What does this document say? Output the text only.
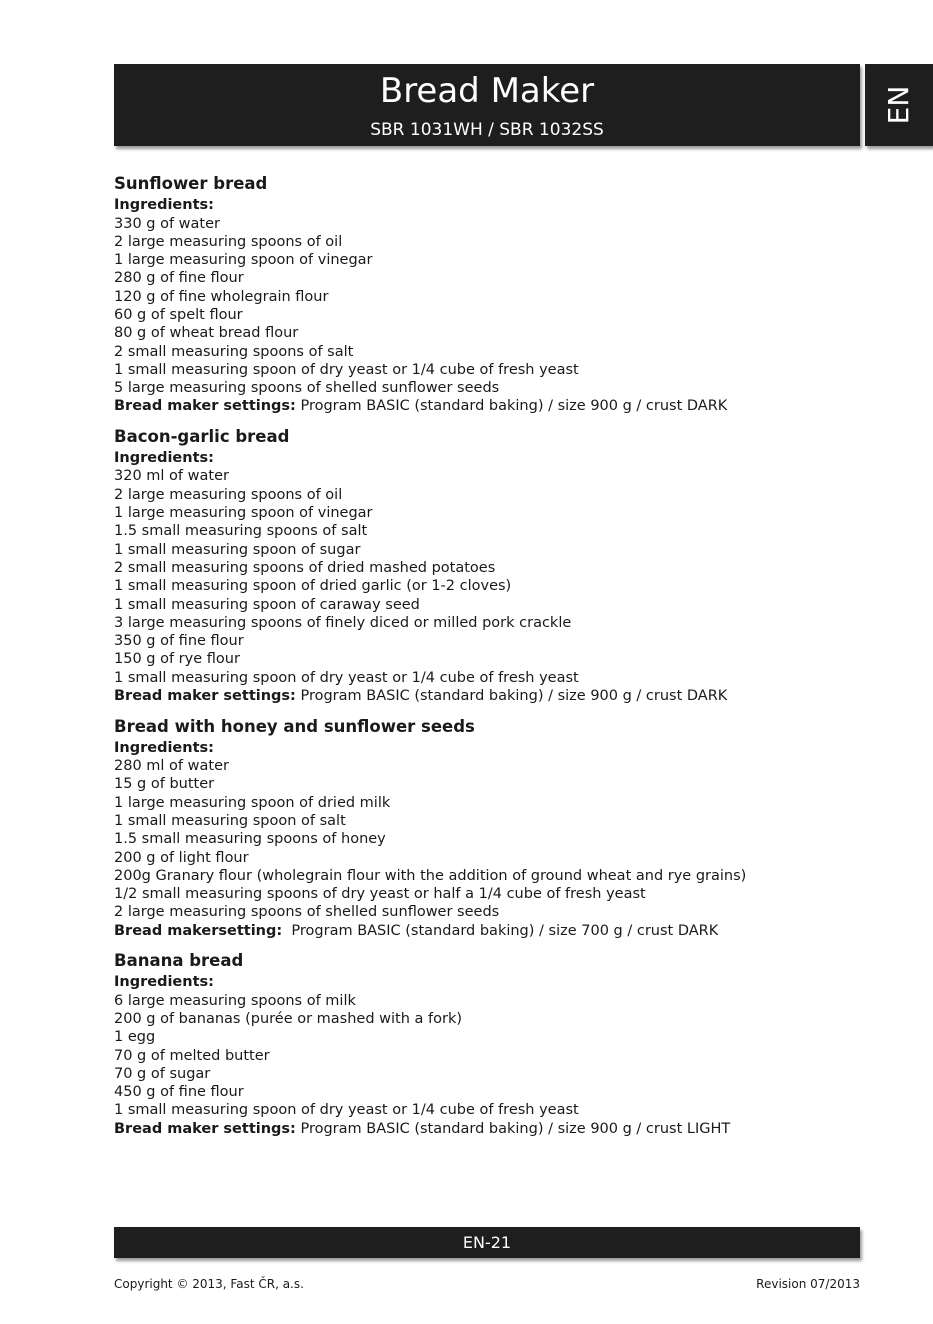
Bread Maker
SBR 1031WH / SBR 1032SS
EN
Sunflower bread
Ingredients:
330 g of water
2 large measuring spoons of oil
1 large measuring spoon of vinegar
280 g of fine flour
120 g of fine wholegrain flour
60 g of spelt flour
80 g of wheat bread flour
2 small measuring spoons of salt
1 small measuring spoon of dry yeast or 1/4 cube of fresh yeast
5 large measuring spoons of shelled sunflower seeds
Bread maker settings: Program BASIC (standard baking) / size 900 g / crust DARK
Bacon-garlic bread
Ingredients:
320 ml of water
2 large measuring spoons of oil
1 large measuring spoon of vinegar
1.5 small measuring spoons of salt
1 small measuring spoon of sugar
2 small measuring spoons of dried mashed potatoes
1 small measuring spoon of dried garlic (or 1-2 cloves)
1 small measuring spoon of caraway seed
3 large measuring spoons of finely diced or milled pork crackle
350 g of fine flour
150 g of rye flour
1 small measuring spoon of dry yeast or 1/4 cube of fresh yeast
Bread maker settings: Program BASIC (standard baking) / size 900 g / crust DARK
Bread with honey and sunflower seeds
Ingredients:
280 ml of water
15 g of butter
1 large measuring spoon of dried milk
1 small measuring spoon of salt
1.5 small measuring spoons of honey
200 g of light flour
200g Granary flour (wholegrain flour with the addition of ground wheat and rye grains)
1/2 small measuring spoons of dry yeast or half a 1/4 cube of fresh yeast
2 large measuring spoons of shelled sunflower seeds
Bread makersetting:  Program BASIC (standard baking) / size 700 g / crust DARK
Banana bread
Ingredients:
6 large measuring spoons of milk
200 g of bananas (purée or mashed with a fork)
1 egg
70 g of melted butter
70 g of sugar
450 g of fine flour
1 small measuring spoon of dry yeast or 1/4 cube of fresh yeast
Bread maker settings: Program BASIC (standard baking) / size 900 g / crust LIGHT
EN-21
Copyright © 2013, Fast ČR, a.s.	Revision 07/2013
